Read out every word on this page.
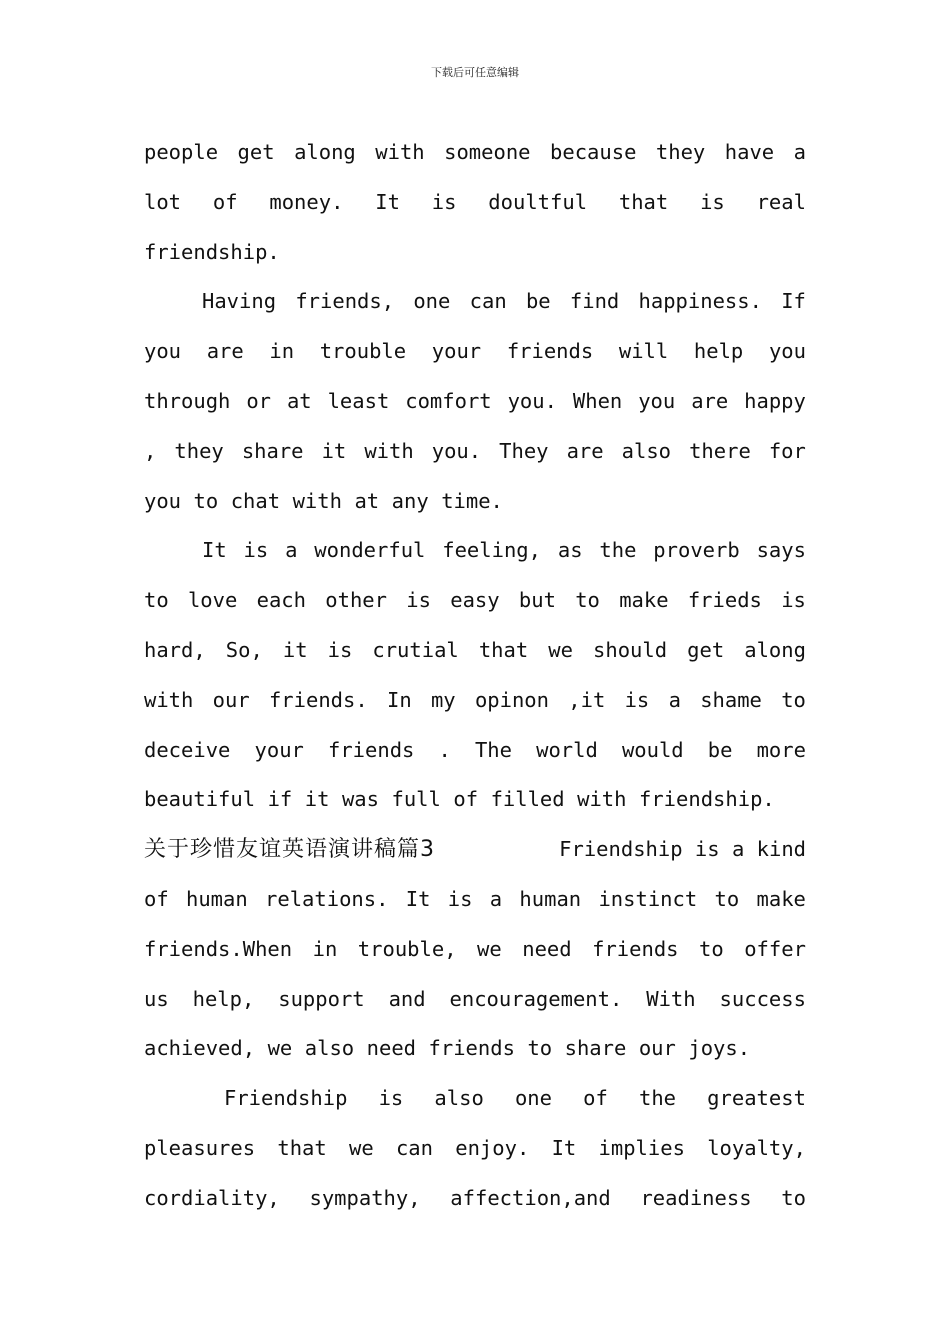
下载后可任意编辑
people get along with someone because they have a
lot of money. It is doultful that is real
friendship.
Having friends, one can be find happiness. If
you are in trouble your friends will help you
through or at least comfort you. When you are happy
, they share it with you. They are also there for
you to chat with at any time.
It is a wonderful feeling, as the proverb says
to love each other is easy but to make frieds is
hard, So, it is crutial that we should get along
with our friends. In my opinon ,it is a shame to
deceive your friends . The world would be more
beautiful if it was full of filled with friendship.
关于珍惜友谊英语演讲稿篇3	Friendship is a kind
of human relations. It is a human instinct to make
friends.When in trouble, we need friends to offer
us help, support and encouragement. With success
achieved, we also need friends to share our joys.
Friendship is also one of the greatest
pleasures that we can enjoy. It implies loyalty,
cordiality, sympathy, affection,and readiness to
